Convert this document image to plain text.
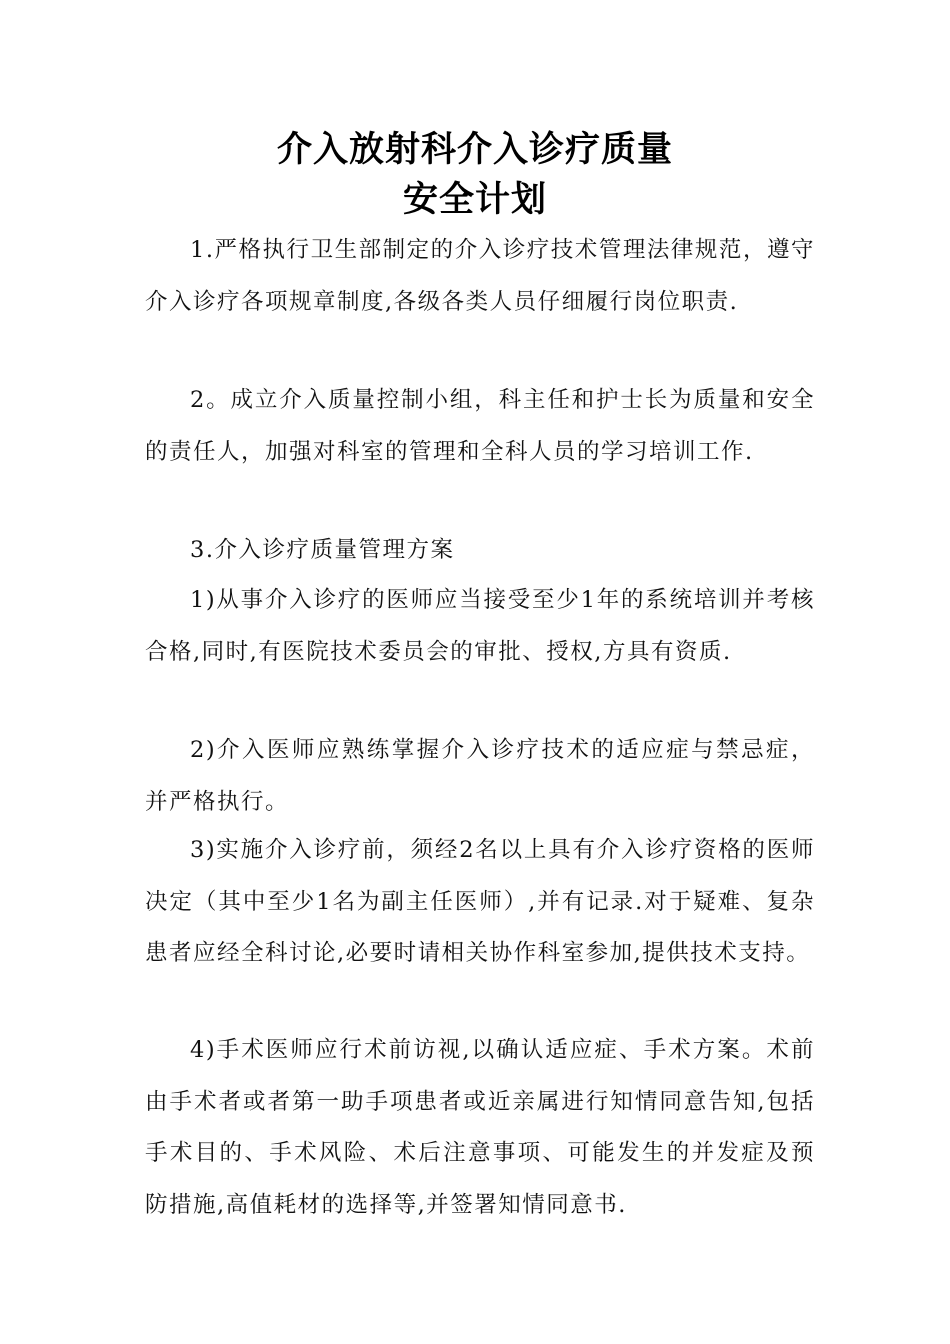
介入放射科介入诊疗质量
安全计划

1.严格执行卫生部制定的介入诊疗技术管理法律规范，遵守介入诊疗各项规章制度,各级各类人员仔细履行岗位职责.

2。成立介入质量控制小组，科主任和护士长为质量和安全的责任人，加强对科室的管理和全科人员的学习培训工作.

3.介入诊疗质量管理方案

1)从事介入诊疗的医师应当接受至少1年的系统培训并考核合格,同时,有医院技术委员会的审批、授权,方具有资质.

2)介入医师应熟练掌握介入诊疗技术的适应症与禁忌症，并严格执行。

3)实施介入诊疗前，须经2名以上具有介入诊疗资格的医师决定（其中至少1名为副主任医师）,并有记录.对于疑难、复杂患者应经全科讨论,必要时请相关协作科室参加,提供技术支持。

4)手术医师应行术前访视,以确认适应症、手术方案。术前由手术者或者第一助手项患者或近亲属进行知情同意告知,包括手术目的、手术风险、术后注意事项、可能发生的并发症及预防措施,高值耗材的选择等,并签署知情同意书.
